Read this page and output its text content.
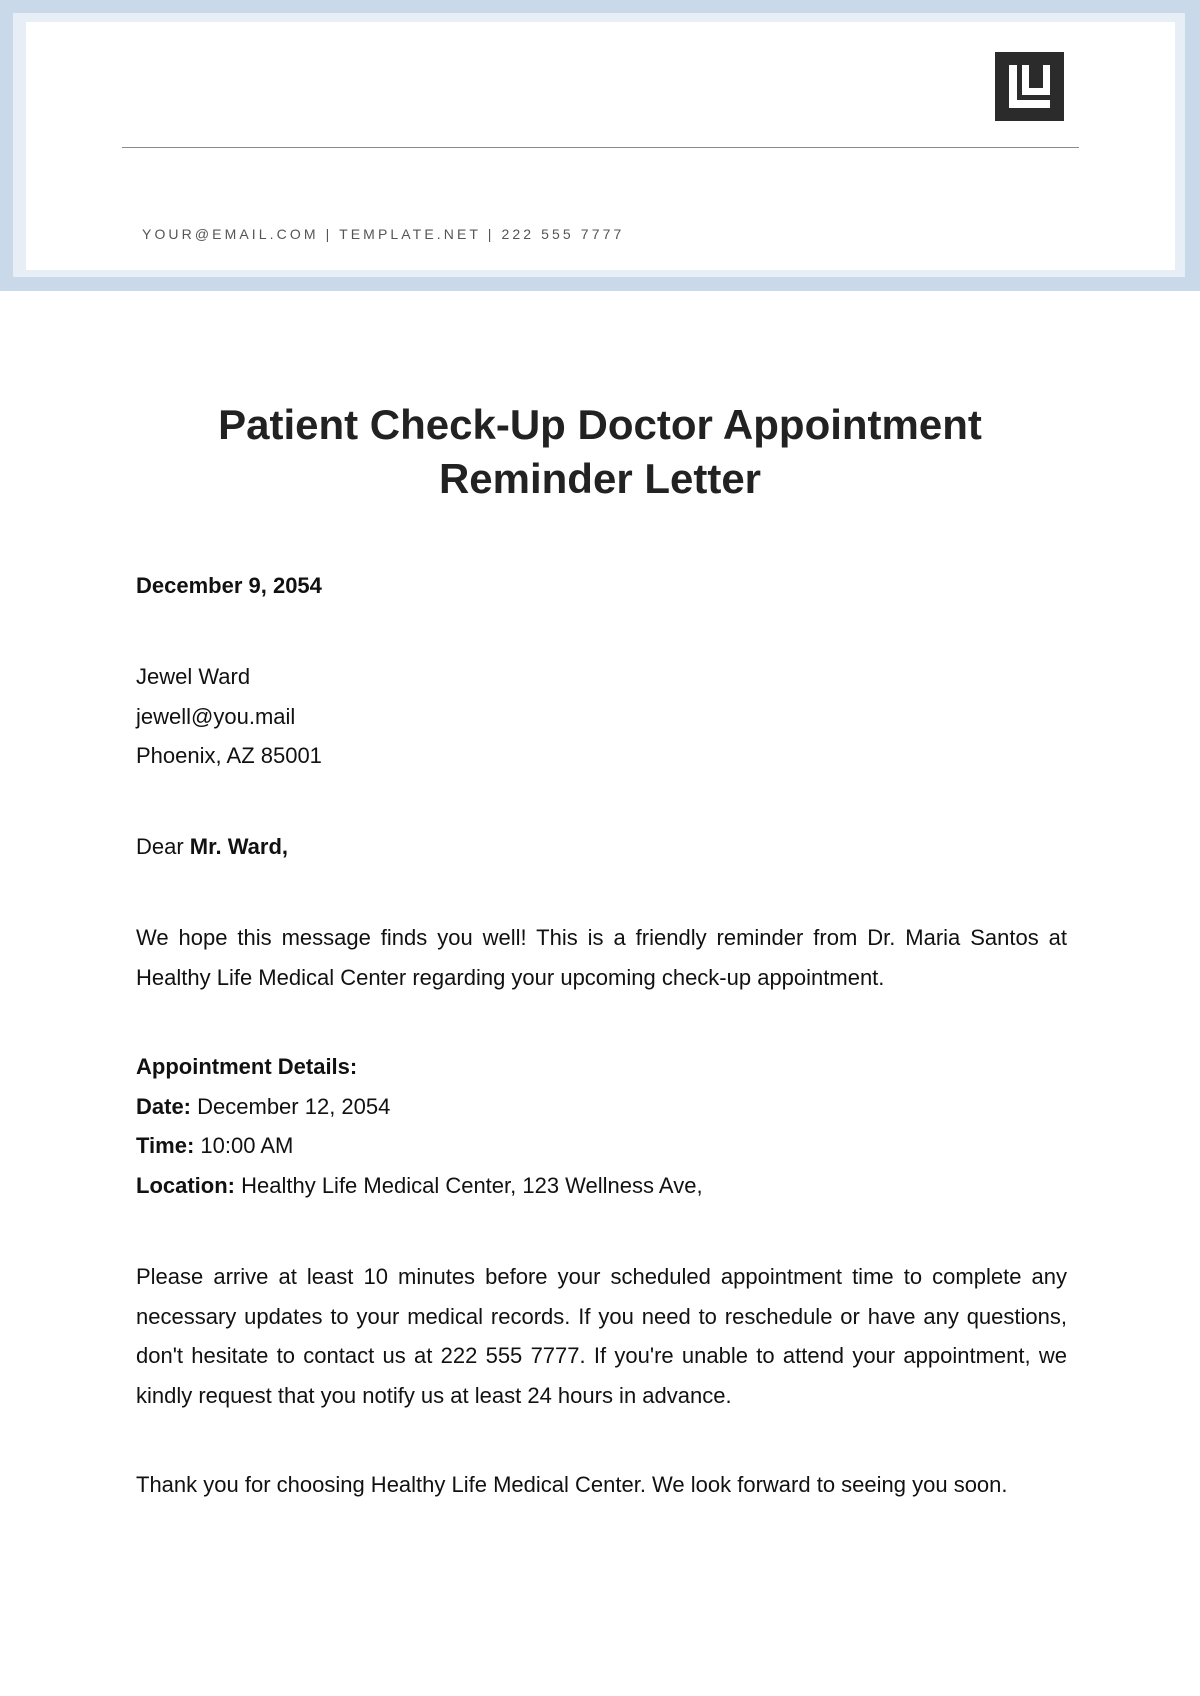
YOUR@EMAIL.COM | TEMPLATE.NET | 222 555 7777
Patient Check-Up Doctor Appointment Reminder Letter
December 9, 2054
Jewel Ward
jewell@you.mail
Phoenix, AZ 85001
Dear Mr. Ward,

We hope this message finds you well! This is a friendly reminder from Dr. Maria Santos at Healthy Life Medical Center regarding your upcoming check-up appointment.

Appointment Details:
Date: December 12, 2054
Time: 10:00 AM
Location: Healthy Life Medical Center, 123 Wellness Ave,

Please arrive at least 10 minutes before your scheduled appointment time to complete any necessary updates to your medical records. If you need to reschedule or have any questions, don't hesitate to contact us at 222 555 7777. If you're unable to attend your appointment, we kindly request that you notify us at least 24 hours in advance.

Thank you for choosing Healthy Life Medical Center. We look forward to seeing you soon.
